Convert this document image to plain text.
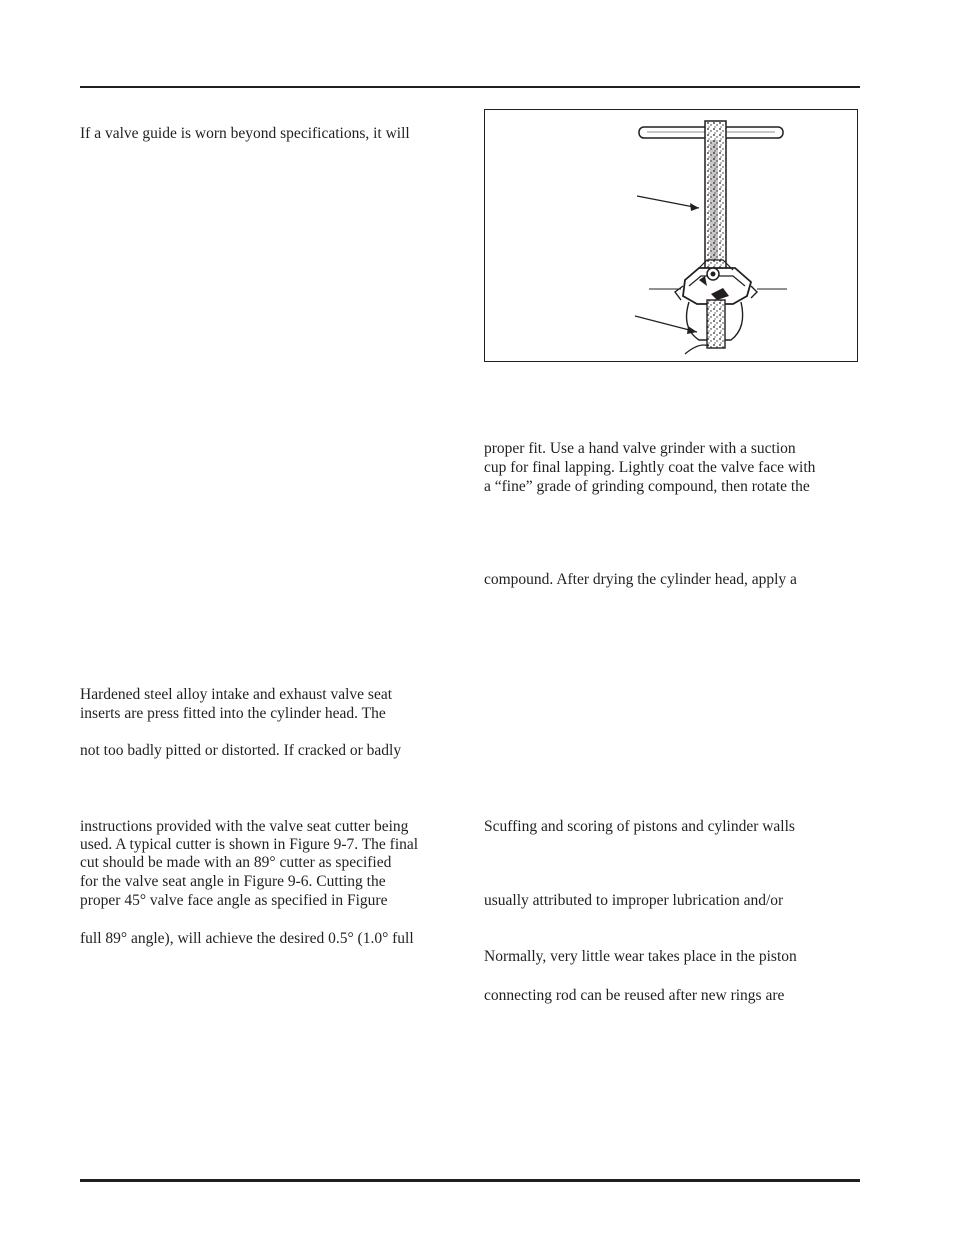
If a valve guide is worn beyond specifications, it will
Hardened steel alloy intake and exhaust valve seat
inserts are press fitted into the cylinder head. The
not too badly pitted or distorted. If cracked or badly
instructions provided with the valve seat cutter being
used. A typical cutter is shown in Figure 9-7. The final
cut should be made with an 89° cutter as specified
for the valve seat angle in Figure 9-6. Cutting the
proper 45° valve face angle as specified in Figure
full 89° angle), will achieve the desired 0.5° (1.0° full
proper fit. Use a hand valve grinder with a suction
cup for final lapping. Lightly coat the valve face with
a “fine” grade of grinding compound, then rotate the
compound. After drying the cylinder head, apply a
Scuffing and scoring of pistons and cylinder walls
usually attributed to improper lubrication and/or
Normally, very little wear takes place in the piston
connecting rod can be reused after new rings are
